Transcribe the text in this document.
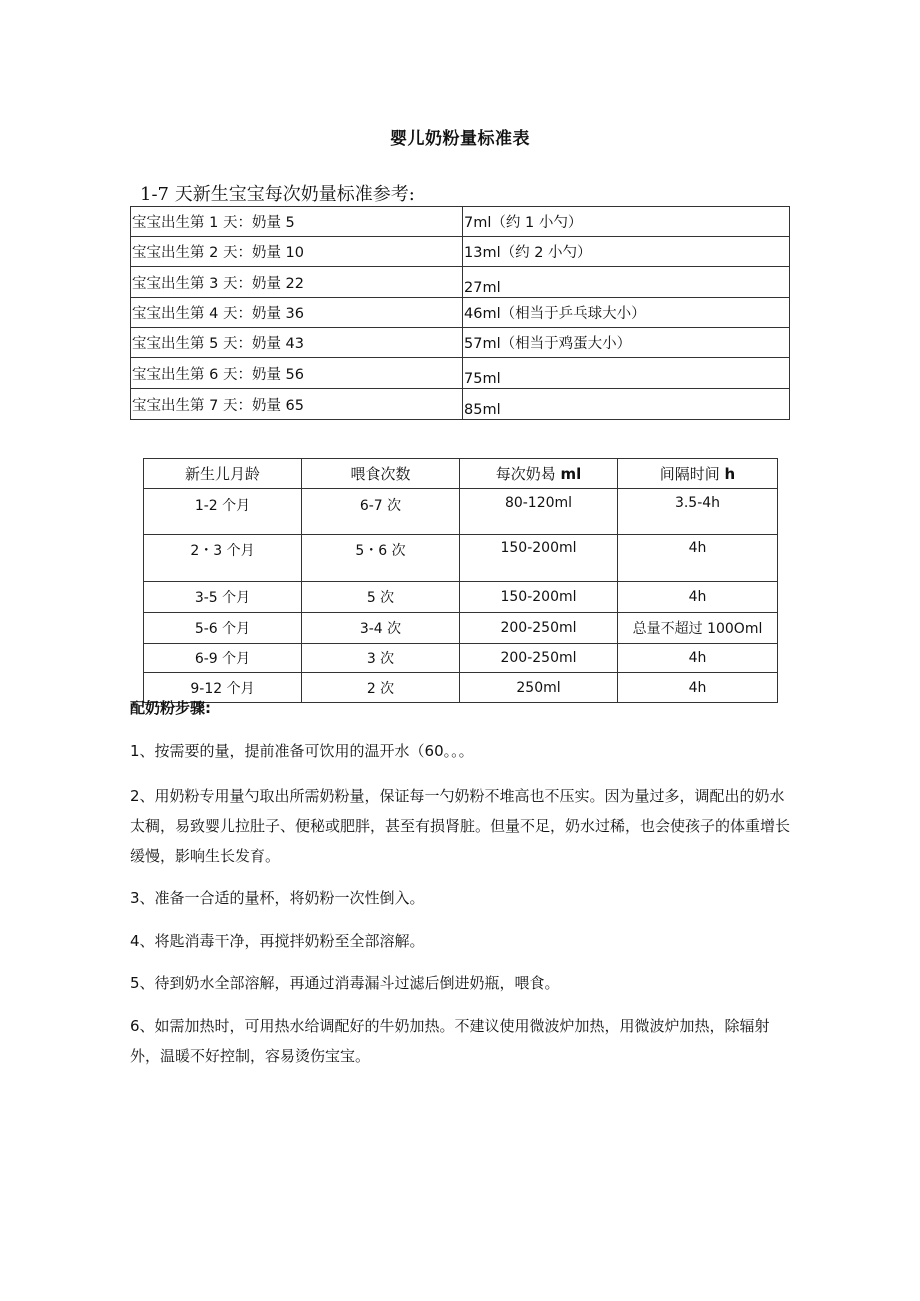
婴儿奶粉量标准表
1-7 天新生宝宝每次奶量标准参考:
宝宝出生第 1 天：奶量 5	7ml（约 1 小勺）
宝宝出生第 2 天：奶量 10	13ml（约 2 小勺）
宝宝出生第 3 天：奶量 22	27ml
宝宝出生第 4 天：奶量 36	46ml（相当于乒乓球大小）
宝宝出生第 5 天：奶量 43	57ml（相当于鸡蛋大小）
宝宝出生第 6 天：奶量 56	75ml
宝宝出生第 7 天：奶量 65	85ml
新生儿月龄	喂食次数	每次奶曷 ml	间隔时间 h
1-2 个月	6-7 次	80-120ml	3.5-4h
2・3 个月	5・6 次	150-200ml	4h
3-5 个月	5 次	150-200ml	4h
5-6 个月	3-4 次	200-250ml	总量不超过 100Oml
6-9 个月	3 次	200-250ml	4h
9-12 个月	2 次	250ml	4h
配奶粉步骤:
1、按需要的量，提前准备可饮用的温开水（60。。。
2、用奶粉专用量勺取出所需奶粉量，保证每一勺奶粉不堆高也不压实。因为量过多，调配出的奶水太稠，易致婴儿拉肚子、便秘或肥胖，甚至有损肾脏。但量不足，奶水过稀，也会使孩子的体重增长缓慢，影响生长发育。
3、准备一合适的量杯，将奶粉一次性倒入。
4、将匙消毒干净，再搅拌奶粉至全部溶解。
5、待到奶水全部溶解，再通过消毒漏斗过滤后倒进奶瓶，喂食。
6、如需加热时，可用热水给调配好的牛奶加热。不建议使用微波炉加热，用微波炉加热，除辐射外，温暖不好控制，容易烫伤宝宝。
